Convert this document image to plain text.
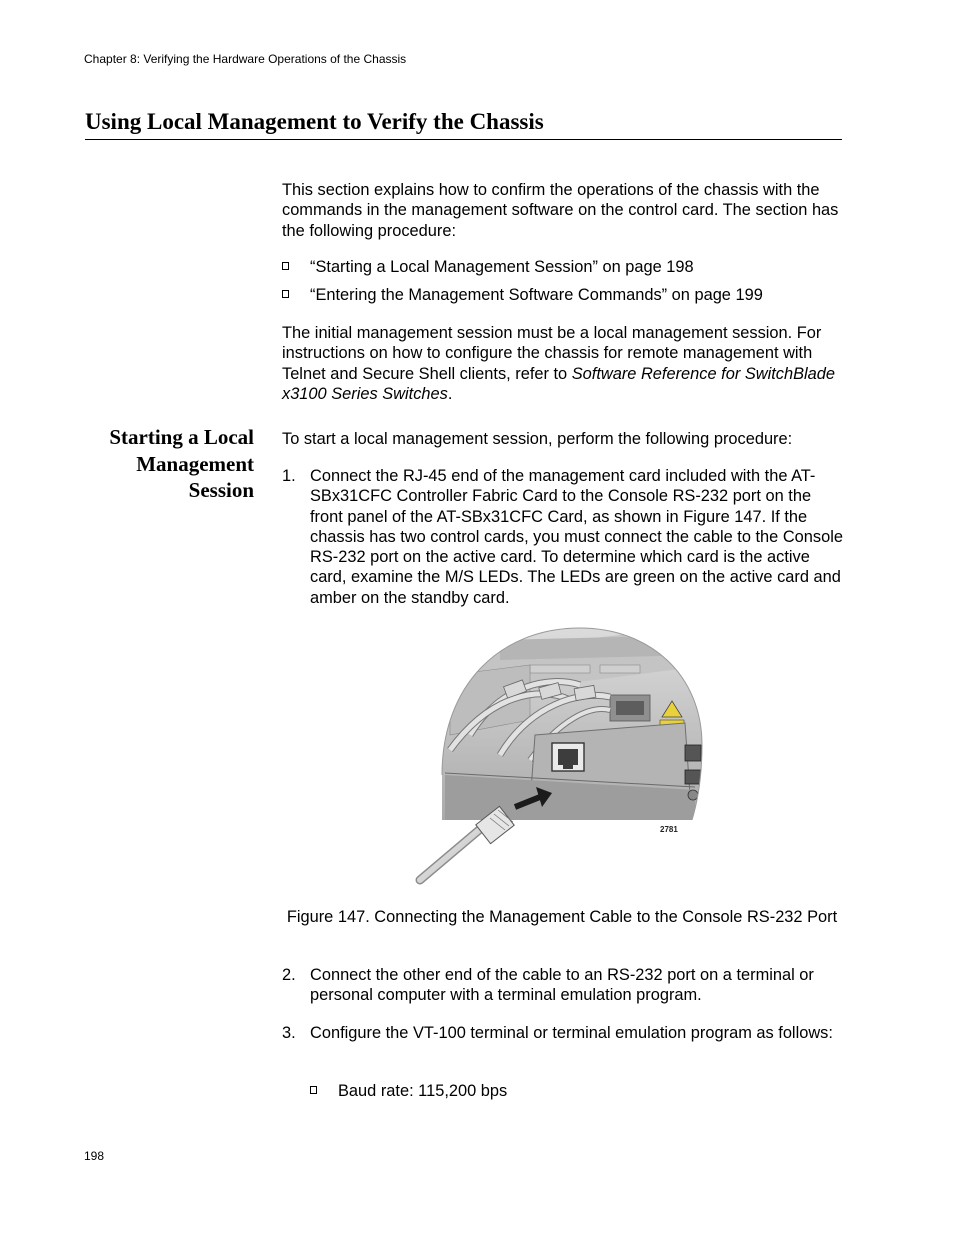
Chapter 8: Verifying the Hardware Operations of the Chassis
Using Local Management to Verify the Chassis
This section explains how to confirm the operations of the chassis with the commands in the management software on the control card. The section has the following procedure:
“Starting a Local Management Session” on page 198
“Entering the Management Software Commands” on page 199
The initial management session must be a local management session. For instructions on how to configure the chassis for remote management with Telnet and Secure Shell clients, refer to Software Reference for SwitchBlade x3100 Series Switches.
Starting a Local
Management
Session
To start a local management session, perform the following procedure:
1. Connect the RJ-45 end of the management card included with the AT-SBx31CFC Controller Fabric Card to the Console RS-232 port on the front panel of the AT-SBx31CFC Card, as shown in Figure 147. If the chassis has two control cards, you must connect the cable to the Console RS-232 port on the active card. To determine which card is the active card, examine the M/S LEDs. The LEDs are green on the active card and amber on the standby card.
2781
Figure 147. Connecting the Management Cable to the Console RS-232 Port
2. Connect the other end of the cable to an RS-232 port on a terminal or personal computer with a terminal emulation program.
3. Configure the VT-100 terminal or terminal emulation program as follows:
Baud rate: 115,200 bps
198
